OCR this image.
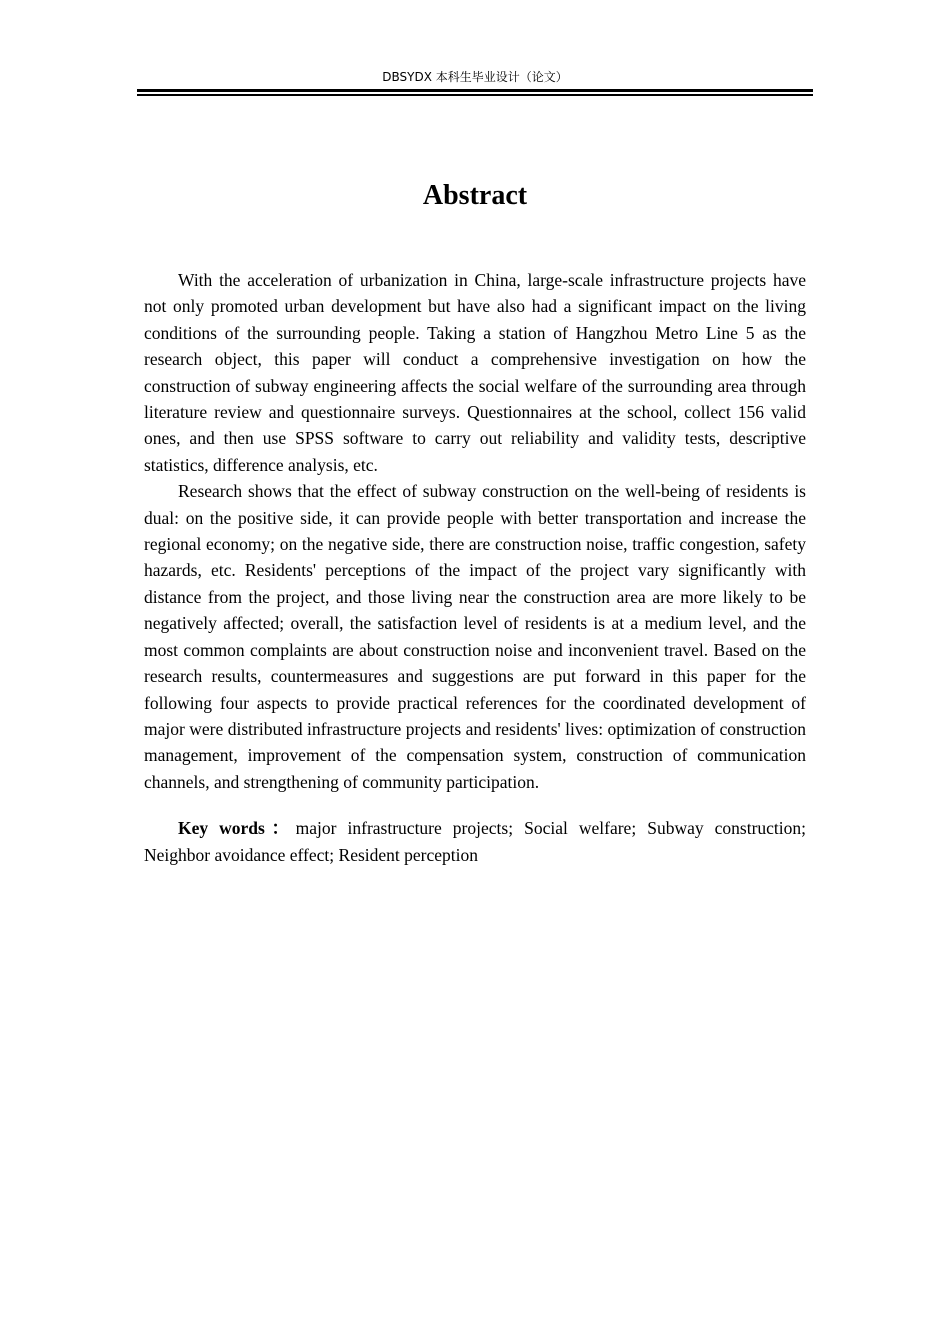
DBSYDX 本科生毕业设计（论文）
Abstract

With the acceleration of urbanization in China, large-scale infrastructure projects have not only promoted urban development but have also had a significant impact on the living conditions of the surrounding people. Taking a station of Hangzhou Metro Line 5 as the research object, this paper will conduct a comprehensive investigation on how the construction of subway engineering affects the social welfare of the surrounding area through literature review and questionnaire surveys. Questionnaires at the school, collect 156 valid ones, and then use SPSS software to carry out reliability and validity tests, descriptive statistics, difference analysis, etc.

Research shows that the effect of subway construction on the well-being of residents is dual: on the positive side, it can provide people with better transportation and increase the regional economy; on the negative side, there are construction noise, traffic congestion, safety hazards, etc. Residents' perceptions of the impact of the project vary significantly with distance from the project, and those living near the construction area are more likely to be negatively affected; overall, the satisfaction level of residents is at a medium level, and the most common complaints are about construction noise and inconvenient travel. Based on the research results, countermeasures and suggestions are put forward in this paper for the following four aspects to provide practical references for the coordinated development of major were distributed infrastructure projects and residents' lives: optimization of construction management, improvement of the compensation system, construction of communication channels, and strengthening of community participation.

Key words：major infrastructure projects; Social welfare; Subway construction; Neighbor avoidance effect; Resident perception
